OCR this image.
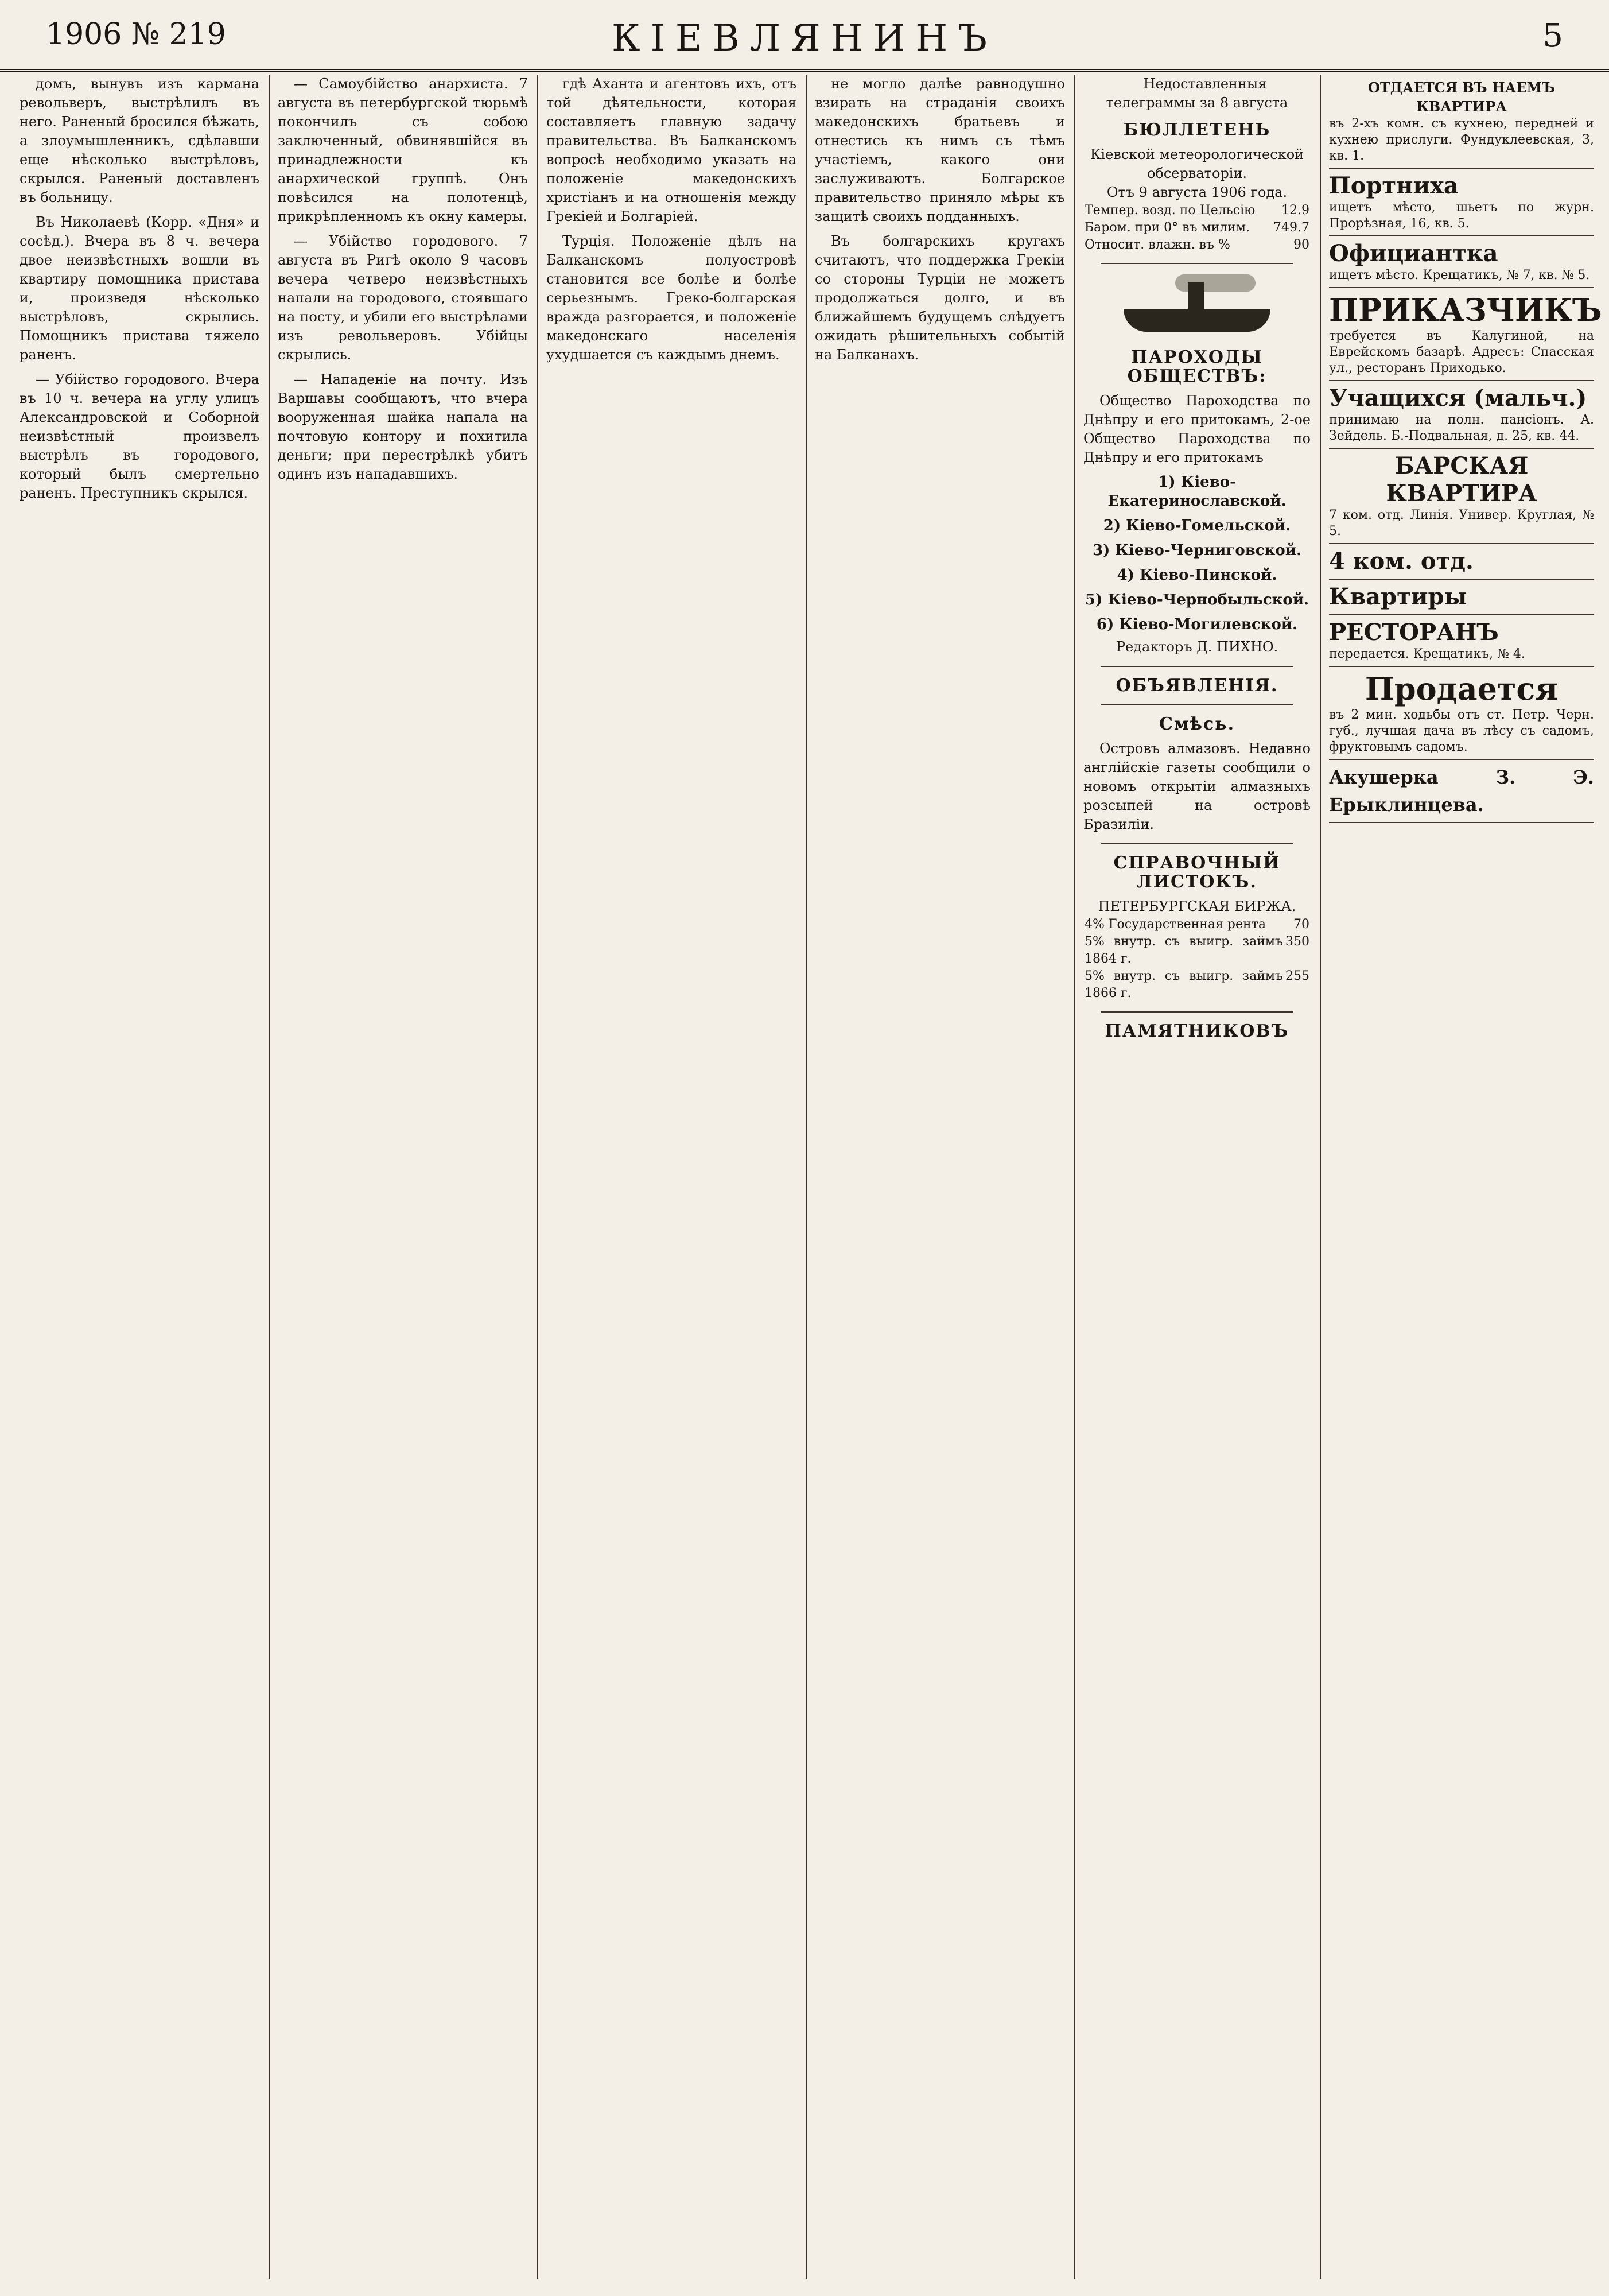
1906 № 219	КІЕВЛЯНИНЪ	5

домъ, вынувъ изъ кармана револьверъ, выстрѣлилъ въ него. Раненый бросился бѣжать, а злоумышленникъ, сдѣлавши еще нѣсколько выстрѣловъ, скрылся. Раненый доставленъ въ больницу.

Въ Николаевѣ (Корр. «Дня» и сосѣд.). Вчера въ 8 ч. вечера двое неизвѣстныхъ вошли въ квартиру помощника пристава и, произведя нѣсколько выстрѣловъ, скрылись. Помощникъ пристава тяжело раненъ.

— Убійство городового. Вчера въ 10 ч. вечера на углу улицъ Александровской и Соборной неизвѣстный произвелъ выстрѣлъ въ городового, который былъ смертельно раненъ. Преступникъ скрылся.

— Самоубійство анархиста. 7 августа въ петербургской тюрьмѣ покончилъ съ собою заключенный, обвинявшійся въ принадлежности къ анархической группѣ. Онъ повѣсился на полотенцѣ, прикрѣпленномъ къ окну камеры.

— Убійство городового. 7 августа въ Ригѣ около 9 часовъ вечера четверо неизвѣстныхъ напали на городового, стоявшаго на посту, и убили его выстрѣлами изъ револьверовъ. Убійцы скрылись.

— Нападеніе на почту. Изъ Варшавы сообщаютъ, что вчера вооруженная шайка напала на почтовую контору и похитила деньги; при перестрѣлкѣ убитъ одинъ изъ нападавшихъ.

гдѣ Аханта и агентовъ ихъ, отъ той дѣятельности, которая составляетъ главную задачу правительства. Въ Балканскомъ вопросѣ необходимо указать на положеніе македонскихъ христіанъ и на отношенія между Грекіей и Болгаріей.

Турція. Положеніе дѣлъ на Балканскомъ полуостровѣ становится все болѣе и болѣе серьезнымъ. Греко-болгарская вражда разгорается, и положеніе македонскаго населенія ухудшается съ каждымъ днемъ.

не могло далѣе равнодушно взирать на страданія своихъ македонскихъ братьевъ и отнестись къ нимъ съ тѣмъ участіемъ, какого они заслуживаютъ. Болгарское правительство приняло мѣры къ защитѣ своихъ подданныхъ.

Въ болгарскихъ кругахъ считаютъ, что поддержка Грекіи со стороны Турціи не можетъ продолжаться долго, и въ ближайшемъ будущемъ слѣдуетъ ожидать рѣшительныхъ событій на Балканахъ.

Недоставленныя телеграммы за 8 августа

БЮЛЛЕТЕНЬ
Кіевской метеорологической обсерваторіи.
Отъ 9 августа 1906 года.
Темпер. возд. по Цельсію	12.9
Баром. при 0° въ милим.	749.7
Относит. влажн. въ %	90
ПАРОХОДЫ ОБЩЕСТВЪ:

Общество Пароходства по Днѣпру и его притокамъ, 2-ое Общество Пароходства по Днѣпру и его притокамъ

1) Кіево-Екатеринославской.
2) Кіево-Гомельской.
3) Кіево-Черниговской.
4) Кіево-Пинской.
5) Кіево-Чернобыльской.
6) Кіево-Могилевской.
Редакторъ Д. ПИХНО.
ОБЪЯВЛЕНІЯ.
Смѣсь.

Островъ алмазовъ. Недавно англійскіе газеты сообщили о новомъ открытіи алмазныхъ розсыпей на островѣ Бразиліи.

СПРАВОЧНЫЙ ЛИСТОКЪ.
ПЕТЕРБУРГСКАЯ БИРЖА.
4% Государственная рента	70
5% внутр. съ выигр. займъ 1864 г.	350
5% внутр. съ выигр. займъ 1866 г.	255
ПАМЯТНИКОВЪ
ОТДАЕТСЯ ВЪ НАЕМЪ КВАРТИРА
въ 2-хъ комн. съ кухнею, передней и кухнею прислуги. Фундуклеевская, 3, кв. 1.
Портниха
ищетъ мѣсто, шьетъ по журн. Прорѣзная, 16, кв. 5.
Официантка
ищетъ мѣсто. Крещатикъ, № 7, кв. № 5.
ПРИКАЗЧИКЪ
требуется въ Калугиной, на Еврейскомъ базарѣ. Адресъ: Спасская ул., ресторанъ Приходько.
Учащихся (мальч.)
принимаю на полн. пансіонъ. А. Зейдель. Б.-Подвальная, д. 25, кв. 44.
БАРСКАЯ КВАРТИРА
7 ком. отд. Линія. Универ. Круглая, № 5.
4 ком. отд.
Квартиры
РЕСТОРАНЪ
передается. Крещатикъ, № 4.
Продается
въ 2 мин. ходьбы отъ ст. Петр. Черн. губ., лучшая дача въ лѣсу съ садомъ, фруктовымъ садомъ.
Акушерка З. Э. Ерыклинцева.
